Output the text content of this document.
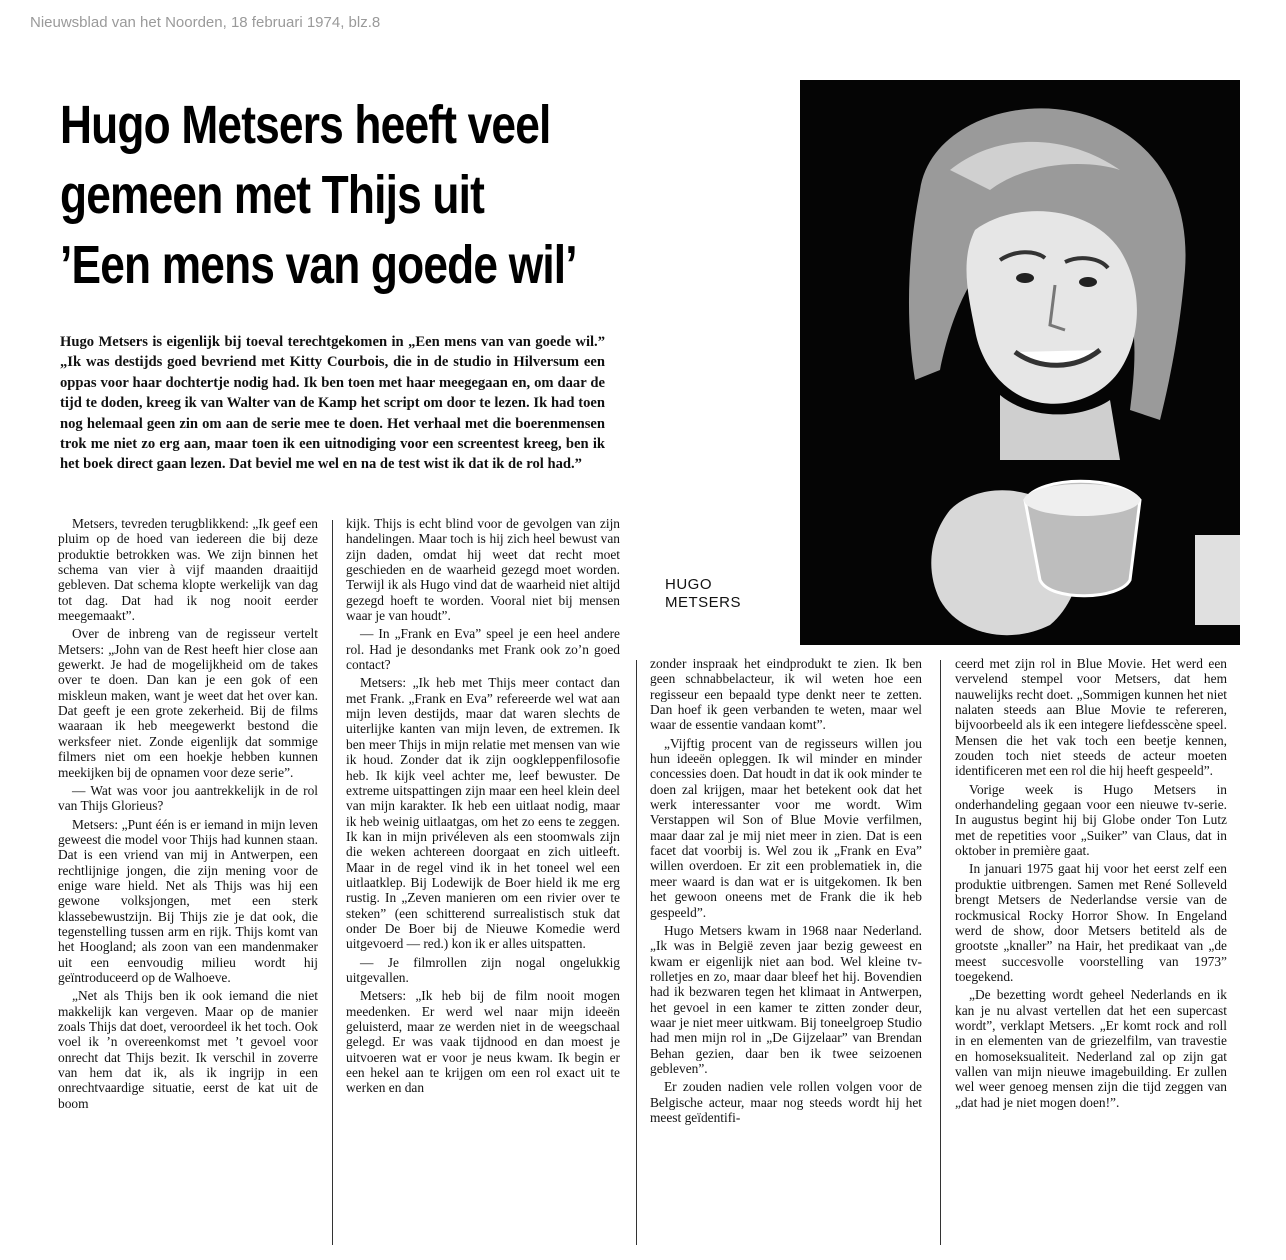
Nieuwsblad van het Noorden, 18 februari 1974, blz.8
Hugo Metsers heeft veel
gemeen met Thijs uit
’Een mens van goede wil’

Hugo Metsers is eigenlijk bij toeval terechtgekomen in „Een mens van van goede wil.” „Ik was destijds goed bevriend met Kitty Courbois, die in de studio in Hilversum een oppas voor haar dochtertje nodig had. Ik ben toen met haar meegegaan en, om daar de tijd te doden, kreeg ik van Walter van de Kamp het script om door te lezen. Ik had toen nog helemaal geen zin om aan de serie mee te doen. Het verhaal met die boerenmensen trok me niet zo erg aan, maar toen ik een uitnodiging voor een screentest kreeg, ben ik het boek direct gaan lezen. Dat beviel me wel en na de test wist ik dat ik de rol had.”

HUGO
METSERS

Metsers, tevreden terugblikkend: „Ik geef een pluim op de hoed van iedereen die bij deze produktie betrokken was. We zijn binnen het schema van vier à vijf maanden draaitijd gebleven. Dat schema klopte werkelijk van dag tot dag. Dat had ik nog nooit eerder meegemaakt”.

Over de inbreng van de regisseur vertelt Metsers: „John van de Rest heeft hier close aan gewerkt. Je had de mogelijkheid om de takes over te doen. Dan kan je een gok of een miskleun maken, want je weet dat het over kan. Dat geeft je een grote zekerheid. Bij de films waaraan ik heb meegewerkt bestond die werksfeer niet. Zonde eigenlijk dat sommige filmers niet om een hoekje hebben kunnen meekijken bij de opnamen voor deze serie”.

— Wat was voor jou aantrekkelijk in de rol van Thijs Glorieus?

Metsers: „Punt één is er iemand in mijn leven geweest die model voor Thijs had kunnen staan. Dat is een vriend van mij in Antwerpen, een rechtlijnige jongen, die zijn mening voor de enige ware hield. Net als Thijs was hij een gewone volksjongen, met een sterk klassebewustzijn. Bij Thijs zie je dat ook, die tegenstelling tussen arm en rijk. Thijs komt van het Hoogland; als zoon van een mandenmaker uit een eenvoudig milieu wordt hij geïntroduceerd op de Walhoeve.

„Net als Thijs ben ik ook iemand die niet makkelijk kan vergeven. Maar op de manier zoals Thijs dat doet, veroordeel ik het toch. Ook voel ik ’n overeenkomst met ’t gevoel voor onrecht dat Thijs bezit. Ik verschil in zoverre van hem dat ik, als ik ingrijp in een onrechtvaardige situatie, eerst de kat uit de boom

kijk. Thijs is echt blind voor de gevolgen van zijn handelingen. Maar toch is hij zich heel bewust van zijn daden, omdat hij weet dat recht moet geschieden en de waarheid gezegd moet worden. Terwijl ik als Hugo vind dat de waarheid niet altijd gezegd hoeft te worden. Vooral niet bij mensen waar je van houdt”.

— In „Frank en Eva” speel je een heel andere rol. Had je desondanks met Frank ook zo’n goed contact?

Metsers: „Ik heb met Thijs meer contact dan met Frank. „Frank en Eva” refereerde wel wat aan mijn leven destijds, maar dat waren slechts de uiterlijke kanten van mijn leven, de extremen. Ik ben meer Thijs in mijn relatie met mensen van wie ik houd. Zonder dat ik zijn oogkleppenfilosofie heb. Ik kijk veel achter me, leef bewuster. De extreme uitspattingen zijn maar een heel klein deel van mijn karakter. Ik heb een uitlaat nodig, maar ik heb weinig uitlaatgas, om het zo eens te zeggen. Ik kan in mijn privéleven als een stoomwals zijn die weken achtereen doorgaat en zich uitleeft. Maar in de regel vind ik in het toneel wel een uitlaatklep. Bij Lodewijk de Boer hield ik me erg rustig. In „Zeven manieren om een rivier over te steken” (een schitterend surrealistisch stuk dat onder De Boer bij de Nieuwe Komedie werd uitgevoerd — red.) kon ik er alles uitspatten.

— Je filmrollen zijn nogal ongelukkig uitgevallen.

Metsers: „Ik heb bij de film nooit mogen meedenken. Er werd wel naar mijn ideeën geluisterd, maar ze werden niet in de weegschaal gelegd. Er was vaak tijdnood en dan moest je uitvoeren wat er voor je neus kwam. Ik begin er een hekel aan te krijgen om een rol exact uit te werken en dan

zonder inspraak het eindprodukt te zien. Ik ben geen schnabbelacteur, ik wil weten hoe een regisseur een bepaald type denkt neer te zetten. Dan hoef ik geen verbanden te weten, maar wel waar de essentie vandaan komt”.

„Vijftig procent van de regisseurs willen jou hun ideeën opleggen. Ik wil minder en minder concessies doen. Dat houdt in dat ik ook minder te doen zal krijgen, maar het betekent ook dat het werk interessanter voor me wordt. Wim Verstappen wil Son of Blue Movie verfilmen, maar daar zal je mij niet meer in zien. Dat is een facet dat voorbij is. Wel zou ik „Frank en Eva” willen overdoen. Er zit een problematiek in, die meer waard is dan wat er is uitgekomen. Ik ben het gewoon oneens met de Frank die ik heb gespeeld”.

Hugo Metsers kwam in 1968 naar Nederland. „Ik was in België zeven jaar bezig geweest en kwam er eigenlijk niet aan bod. Wel kleine tv-rolletjes en zo, maar daar bleef het hij. Bovendien had ik bezwaren tegen het klimaat in Antwerpen, het gevoel in een kamer te zitten zonder deur, waar je niet meer uitkwam. Bij toneelgroep Studio had men mijn rol in „De Gijzelaar” van Brendan Behan gezien, daar ben ik twee seizoenen gebleven”.

Er zouden nadien vele rollen volgen voor de Belgische acteur, maar nog steeds wordt hij het meest geïdentifi-

ceerd met zijn rol in Blue Movie. Het werd een vervelend stempel voor Metsers, dat hem nauwelijks recht doet. „Sommigen kunnen het niet nalaten steeds aan Blue Movie te refereren, bijvoorbeeld als ik een integere liefdesscène speel. Mensen die het vak toch een beetje kennen, zouden toch niet steeds de acteur moeten identificeren met een rol die hij heeft gespeeld”.

Vorige week is Hugo Metsers in onderhandeling gegaan voor een nieuwe tv-serie. In augustus begint hij bij Globe onder Ton Lutz met de repetities voor „Suiker” van Claus, dat in oktober in première gaat.

In januari 1975 gaat hij voor het eerst zelf een produktie uitbrengen. Samen met René Solleveld brengt Metsers de Nederlandse versie van de rockmusical Rocky Horror Show. In Engeland werd de show, door Metsers betiteld als de grootste „knaller” na Hair, het predikaat van „de meest succesvolle voorstelling van 1973” toegekend.

„De bezetting wordt geheel Nederlands en ik kan je nu alvast vertellen dat het een supercast wordt”, verklapt Metsers. „Er komt rock and roll in en elementen van de griezelfilm, van travestie en homoseksualiteit. Nederland zal op zijn gat vallen van mijn nieuwe imagebuilding. Er zullen wel weer genoeg mensen zijn die tijd zeggen van „dat had je niet mogen doen!”.
